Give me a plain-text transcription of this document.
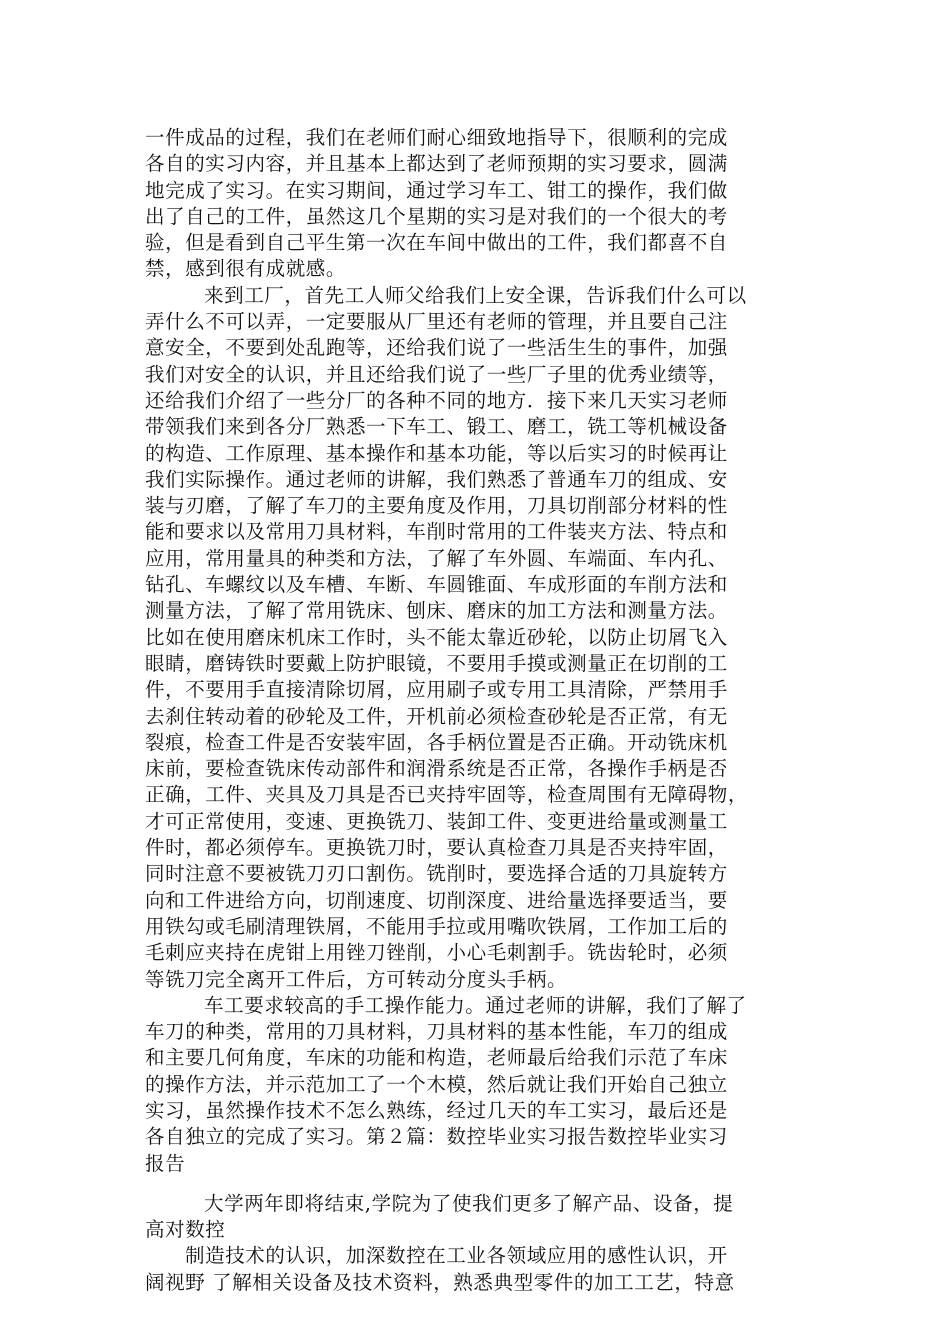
一件成品的过程，我们在老师们耐心细致地指导下，很顺利的完成
各自的实习内容，并且基本上都达到了老师预期的实习要求，圆满
地完成了实习。在实习期间，通过学习车工、钳工的操作，我们做
出了自己的工件，虽然这几个星期的实习是对我们的一个很大的考
验，但是看到自己平生第一次在车间中做出的工件，我们都喜不自
禁，感到很有成就感。
来到工厂，首先工人师父给我们上安全课，告诉我们什么可以
弄什么不可以弄，一定要服从厂里还有老师的管理，并且要自己注
意安全，不要到处乱跑等，还给我们说了一些活生生的事件，加强
我们对安全的认识，并且还给我们说了一些厂子里的优秀业绩等，
还给我们介绍了一些分厂的各种不同的地方．接下来几天实习老师
带领我们来到各分厂熟悉一下车工、锻工、磨工，铣工等机械设备
的构造、工作原理、基本操作和基本功能，等以后实习的时候再让
我们实际操作。通过老师的讲解，我们熟悉了普通车刀的组成、安
装与刃磨，了解了车刀的主要角度及作用，刀具切削部分材料的性
能和要求以及常用刀具材料，车削时常用的工件装夹方法、特点和
应用，常用量具的种类和方法，了解了车外圆、车端面、车内孔、
钻孔、车螺纹以及车槽、车断、车圆锥面、车成形面的车削方法和
测量方法，了解了常用铣床、刨床、磨床的加工方法和测量方法。
比如在使用磨床机床工作时，头不能太靠近砂轮，以防止切屑飞入
眼睛，磨铸铁时要戴上防护眼镜，不要用手摸或测量正在切削的工
件，不要用手直接清除切屑，应用刷子或专用工具清除，严禁用手
去刹住转动着的砂轮及工件，开机前必须检查砂轮是否正常，有无
裂痕，检查工件是否安装牢固，各手柄位置是否正确。开动铣床机
床前，要检查铣床传动部件和润滑系统是否正常，各操作手柄是否
正确，工件、夹具及刀具是否已夹持牢固等，检查周围有无障碍物，
才可正常使用，变速、更换铣刀、装卸工件、变更进给量或测量工
件时，都必须停车。更换铣刀时，要认真检查刀具是否夹持牢固，
同时注意不要被铣刀刃口割伤。铣削时，要选择合适的刀具旋转方
向和工件进给方向，切削速度、切削深度、进给量选择要适当，要
用铁勾或毛刷清理铁屑，不能用手拉或用嘴吹铁屑，工作加工后的
毛刺应夹持在虎钳上用锉刀锉削，小心毛刺割手。铣齿轮时，必须
等铣刀完全离开工件后，方可转动分度头手柄。
车工要求较高的手工操作能力。通过老师的讲解，我们了解了
车刀的种类，常用的刀具材料，刀具材料的基本性能，车刀的组成
和主要几何角度，车床的功能和构造，老师最后给我们示范了车床
的操作方法，并示范加工了一个木模，然后就让我们开始自己独立
实习，虽然操作技术不怎么熟练，经过几天的车工实习，最后还是
各自独立的完成了实习。第２篇：数控毕业实习报告数控毕业实习
报告
大学两年即将结束,学院为了使我们更多了解产品、设备，提
高对数控
制造技术的认识，加深数控在工业各领域应用的感性认识，开
阔视野 了解相关设备及技术资料，熟悉典型零件的加工工艺，特意
